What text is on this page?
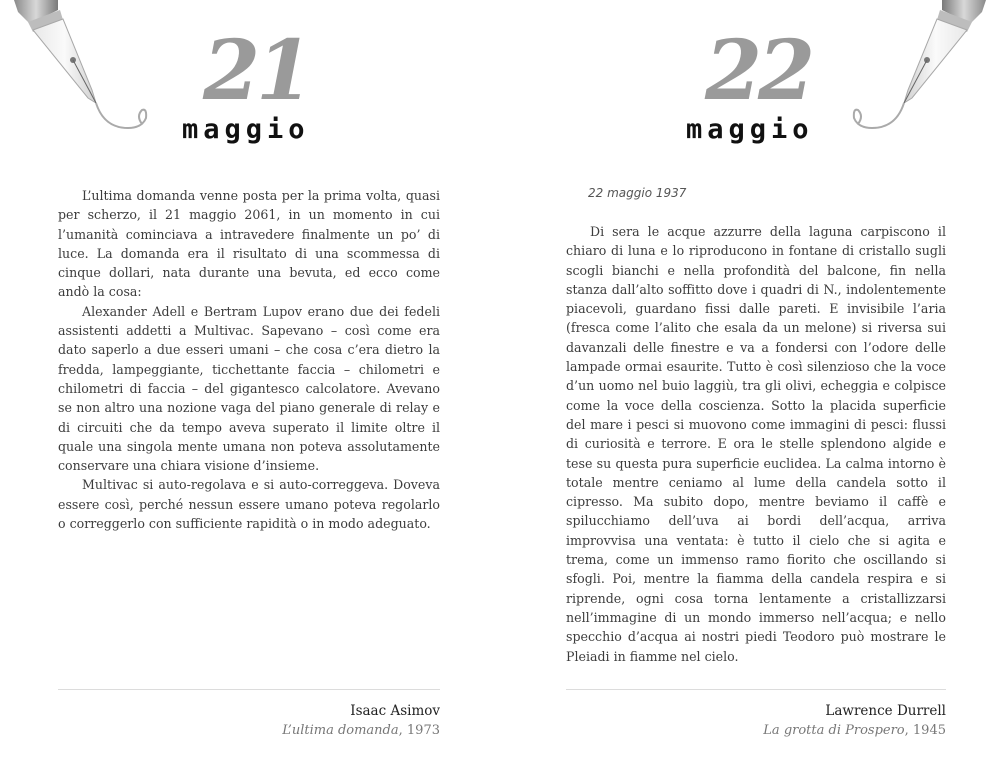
21
maggio

L’ultima domanda venne posta per la prima volta, quasi per scherzo, il 21 maggio 2061, in un momento in cui l’umanità cominciava a intravedere finalmente un po’ di luce. La domanda era il risultato di una scommessa di cinque dollari, nata durante una bevuta, ed ecco come andò la cosa:

Alexander Adell e Bertram Lupov erano due dei fedeli assistenti addetti a Multivac. Sapevano – così come era dato saperlo a due esseri umani – che cosa c’era dietro la fredda, lampeggiante, ticchettante faccia – chilometri e chilometri di faccia – del gigantesco calcolatore. Avevano se non altro una nozione vaga del piano generale di relay e di circuiti che da tempo aveva superato il limite oltre il quale una singola mente umana non poteva assolutamente conservare una chiara visione d’insieme.

Multivac si auto-regolava e si auto-correggeva. Doveva essere così, perché nessun essere umano poteva regolarlo o correggerlo con sufficiente rapidità o in modo adeguato.

Isaac Asimov
L’ultima domanda, 1973
22
maggio
22 maggio 1937

Di sera le acque azzurre della laguna carpiscono il chiaro di luna e lo riproducono in fontane di cristallo sugli scogli bianchi e nella profondità del balcone, fin nella stanza dall’alto soffitto dove i quadri di N., indolentemente piacevoli, guardano fissi dalle pareti. E invisibile l’aria (fresca come l’alito che esala da un melone) si riversa sui davanzali delle finestre e va a fondersi con l’odore delle lampade ormai esaurite. Tutto è così silenzioso che la voce d’un uomo nel buio laggiù, tra gli olivi, echeggia e colpisce come la voce della coscienza. Sotto la placida superficie del mare i pesci si muovono come immagini di pesci: flussi di curiosità e terrore. E ora le stelle splendono algide e tese su questa pura superficie euclidea. La calma intorno è totale mentre ceniamo al lume della candela sotto il cipresso. Ma subito dopo, mentre beviamo il caffè e spilucchiamo dell’uva ai bordi dell’acqua, arriva improvvisa una ventata: è tutto il cielo che si agita e trema, come un immenso ramo fiorito che oscillando si sfogli. Poi, mentre la fiamma della candela respira e si riprende, ogni cosa torna lentamente a cristallizzarsi nell’immagine di un mondo immerso nell’acqua; e nello specchio d’acqua ai nostri piedi Teodoro può mostrare le Pleiadi in fiamme nel cielo.

Lawrence Durrell
La grotta di Prospero, 1945
